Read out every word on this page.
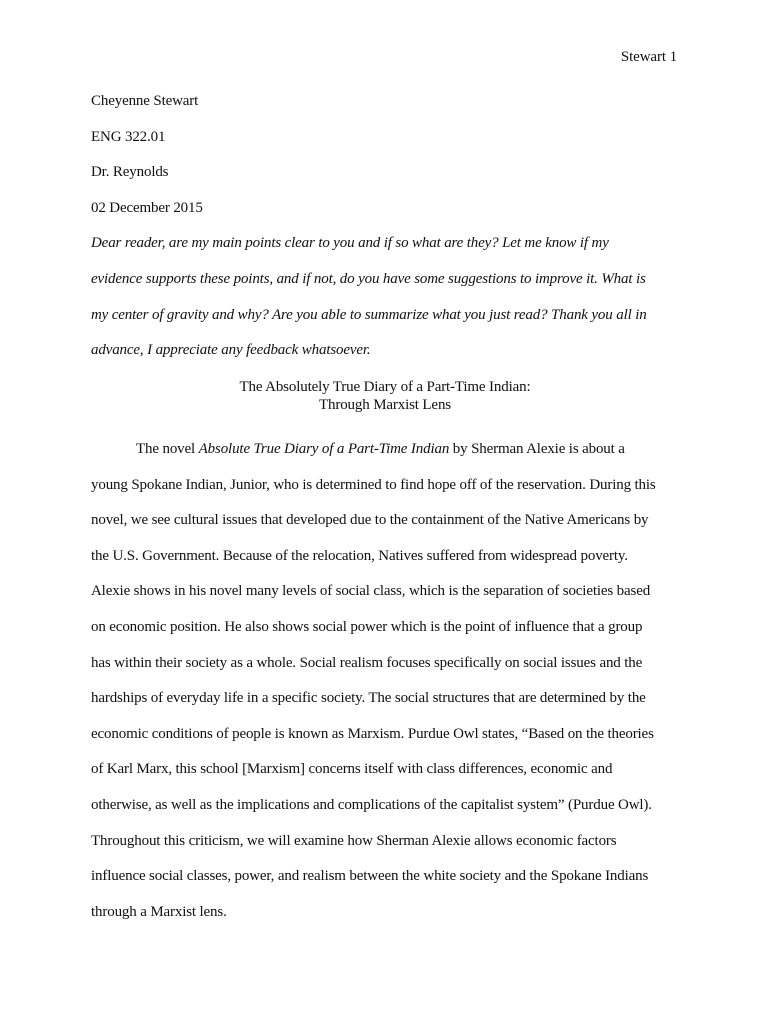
Stewart 1
Cheyenne Stewart
ENG 322.01
Dr. Reynolds
02 December 2015
Dear reader, are my main points clear to you and if so what are they? Let me know if my
evidence supports these points, and if not, do you have some suggestions to improve it. What is
my center of gravity and why? Are you able to summarize what you just read? Thank you all in
advance, I appreciate any feedback whatsoever.
The Absolutely True Diary of a Part-Time Indian:
Through Marxist Lens
The novel Absolute True Diary of a Part-Time Indian by Sherman Alexie is about a
young Spokane Indian, Junior, who is determined to find hope off of the reservation. During this
novel, we see cultural issues that developed due to the containment of the Native Americans by
the U.S. Government. Because of the relocation, Natives suffered from widespread poverty.
Alexie shows in his novel many levels of social class, which is the separation of societies based
on economic position. He also shows social power which is the point of influence that a group
has within their society as a whole. Social realism focuses specifically on social issues and the
hardships of everyday life in a specific society. The social structures that are determined by the
economic conditions of people is known as Marxism. Purdue Owl states, “Based on the theories
of Karl Marx, this school [Marxism] concerns itself with class differences, economic and
otherwise, as well as the implications and complications of the capitalist system” (Purdue Owl).
Throughout this criticism, we will examine how Sherman Alexie allows economic factors
influence social classes, power, and realism between the white society and the Spokane Indians
through a Marxist lens.
